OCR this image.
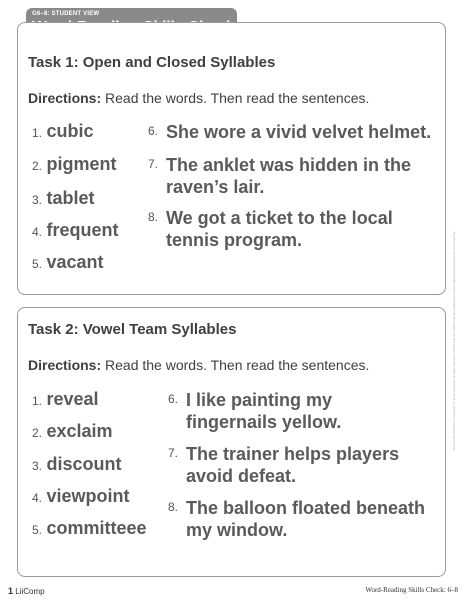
G6–8: STUDENT VIEW
Task 1: Open and Closed Syllables
Directions: Read the words. Then read the sentences.
1. cubic
2. pigment
3. tablet
4. frequent
5. vacant
6. She wore a vivid velvet helmet.
7. The anklet was hidden in the
raven’s lair.
8. We got a ticket to the local
tennis program.
Task 2: Vowel Team Syllables
Directions: Read the words. Then read the sentences.
1. reveal
2. exclaim
3. discount
4. viewpoint
5. committeee
6. I like painting my
fingernails yellow.
7. The trainer helps players
avoid defeat.
8. The balloon floated beneath
my window.
Item #2023-PRG-012 • Copyright © Lexia Learning. All rights reserved. LETRS and the LETRS logo are trademarks and/or registered trademarks of Lexia Learning.
1 LiiComp	Word-Reading Skills Check: 6–8
